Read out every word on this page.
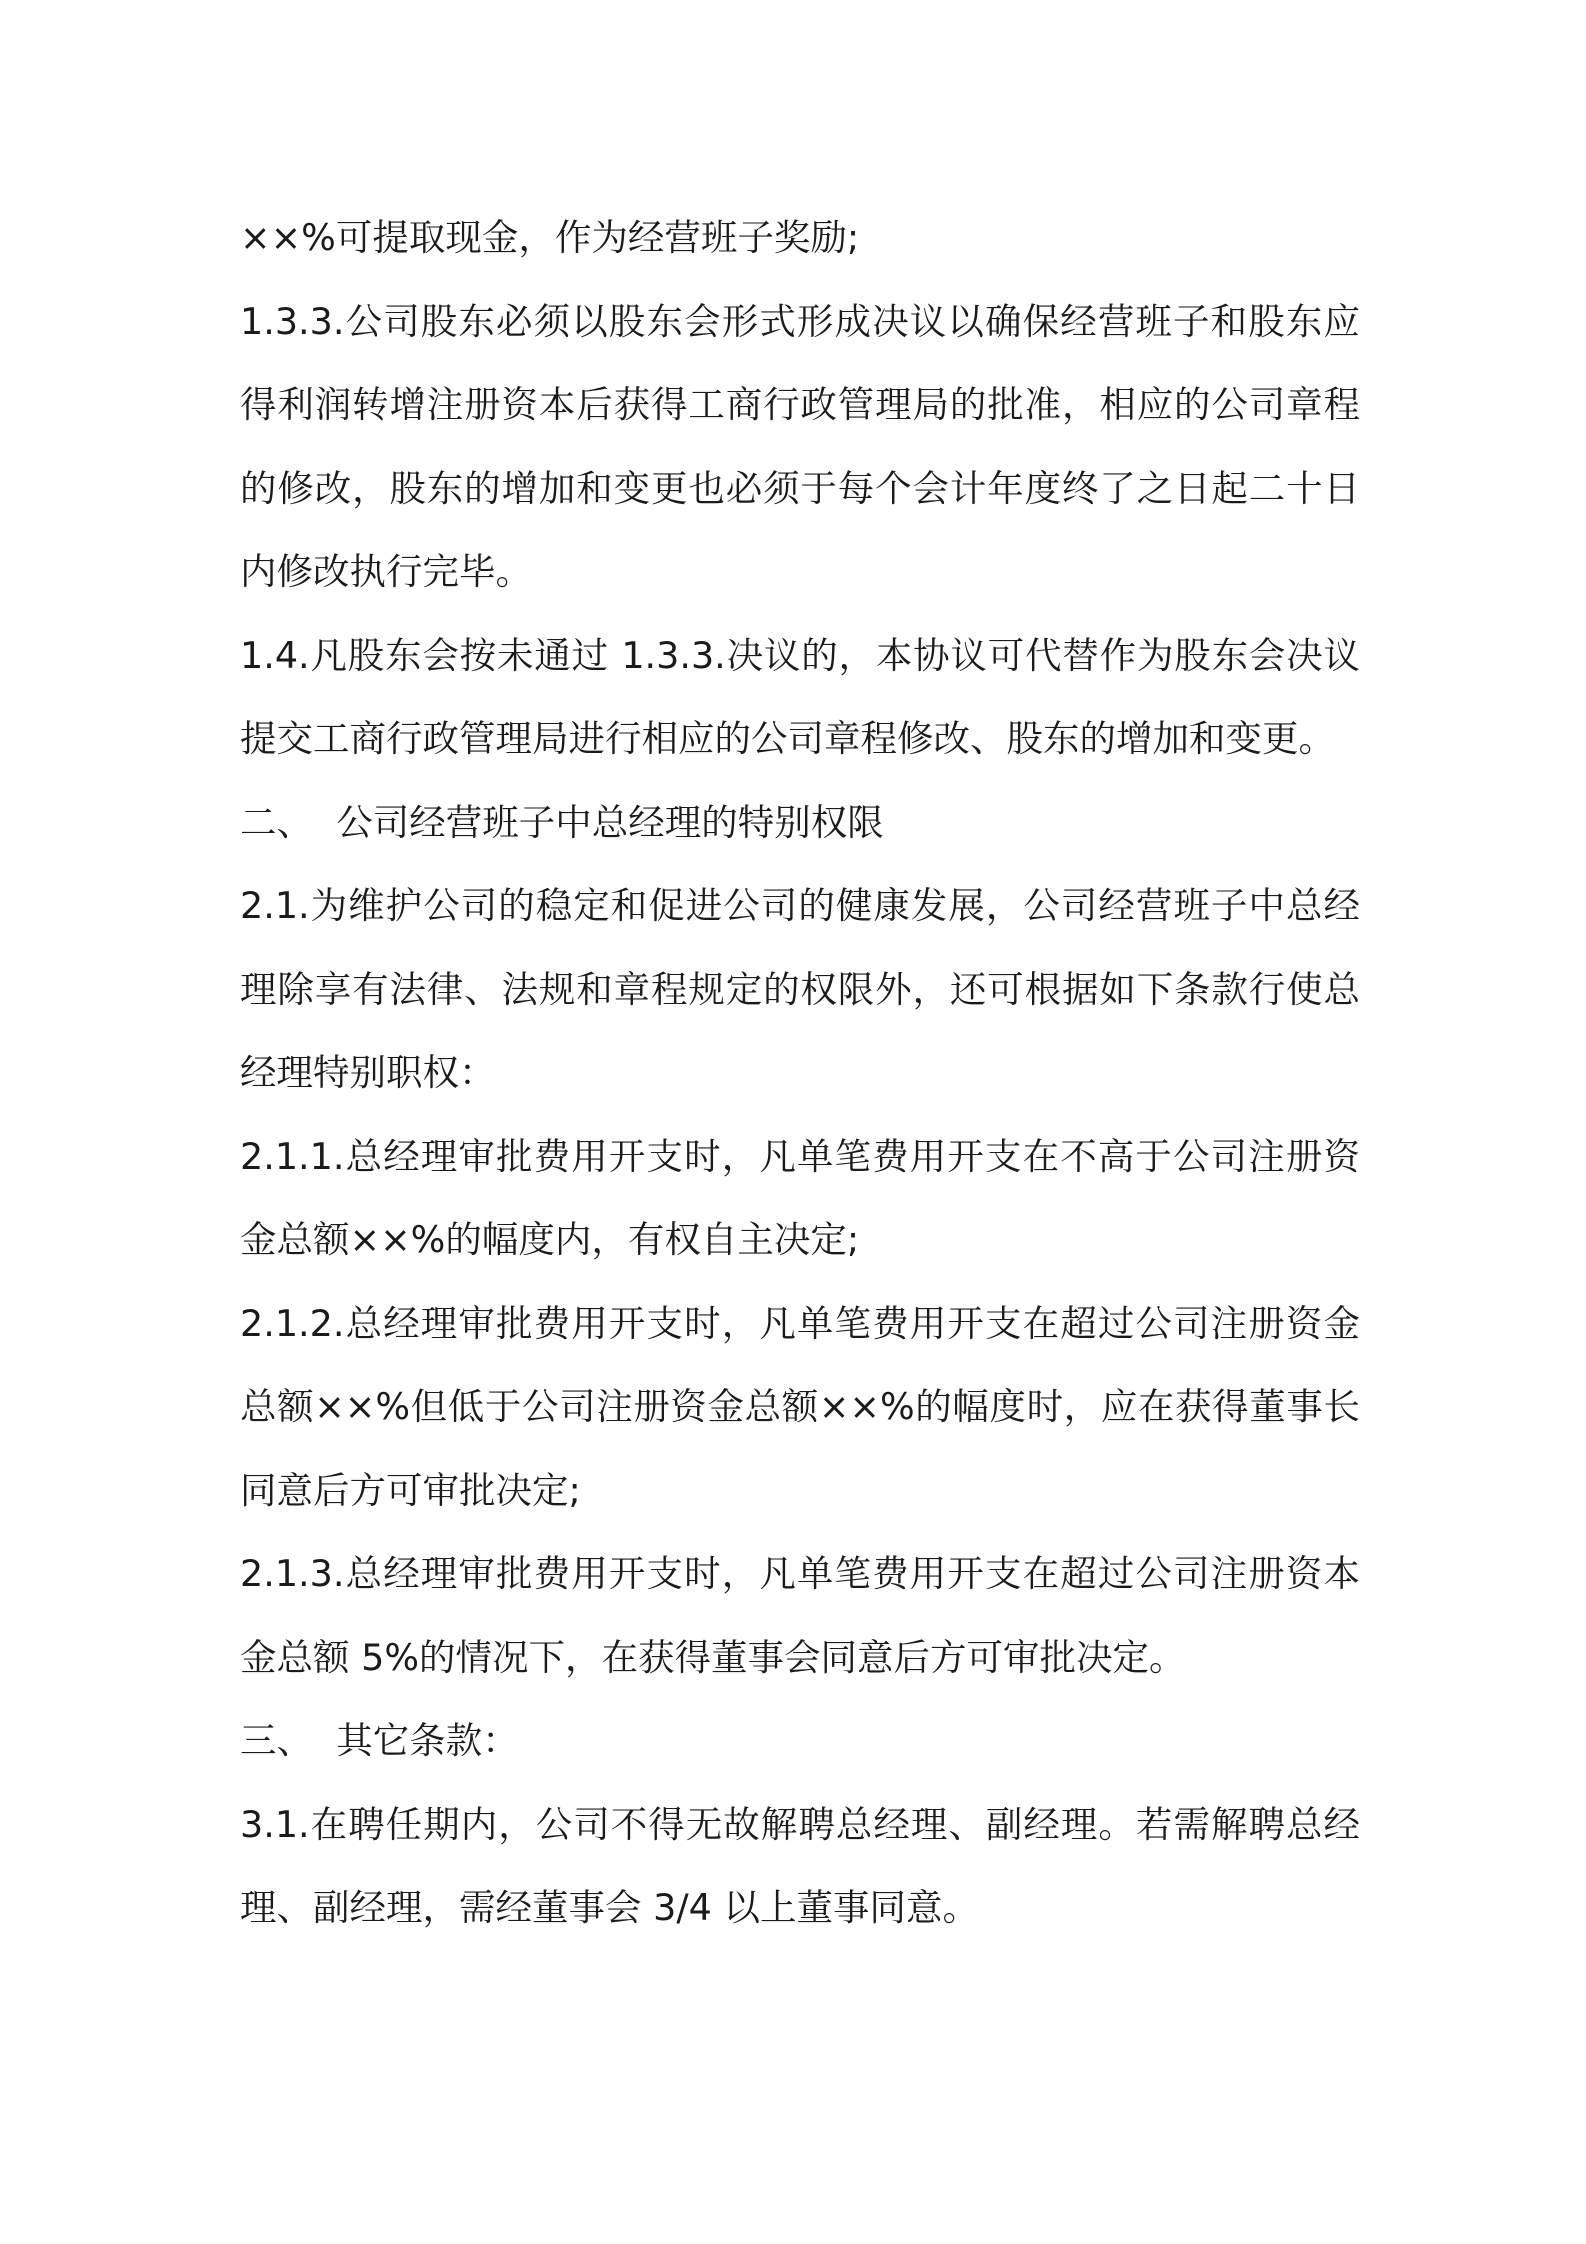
××%可提取现金，作为经营班子奖励;

1.3.3.公司股东必须以股东会形式形成决议以确保经营班子和股东应得利润转增注册资本后获得工商行政管理局的批准，相应的公司章程的修改，股东的增加和变更也必须于每个会计年度终了之日起二十日内修改执行完毕。

1.4.凡股东会按未通过 1.3.3.决议的，本协议可代替作为股东会决议提交工商行政管理局进行相应的公司章程修改、股东的增加和变更。

二、  公司经营班子中总经理的特别权限

2.1.为维护公司的稳定和促进公司的健康发展，公司经营班子中总经理除享有法律、法规和章程规定的权限外，还可根据如下条款行使总经理特别职权：

2.1.1.总经理审批费用开支时，凡单笔费用开支在不高于公司注册资金总额××%的幅度内，有权自主决定;

2.1.2.总经理审批费用开支时，凡单笔费用开支在超过公司注册资金总额××%但低于公司注册资金总额××%的幅度时，应在获得董事长同意后方可审批决定;

2.1.3.总经理审批费用开支时，凡单笔费用开支在超过公司注册资本金总额 5%的情况下，在获得董事会同意后方可审批决定。

三、  其它条款：

3.1.在聘任期内，公司不得无故解聘总经理、副经理。若需解聘总经理、副经理，需经董事会 3/4 以上董事同意。
